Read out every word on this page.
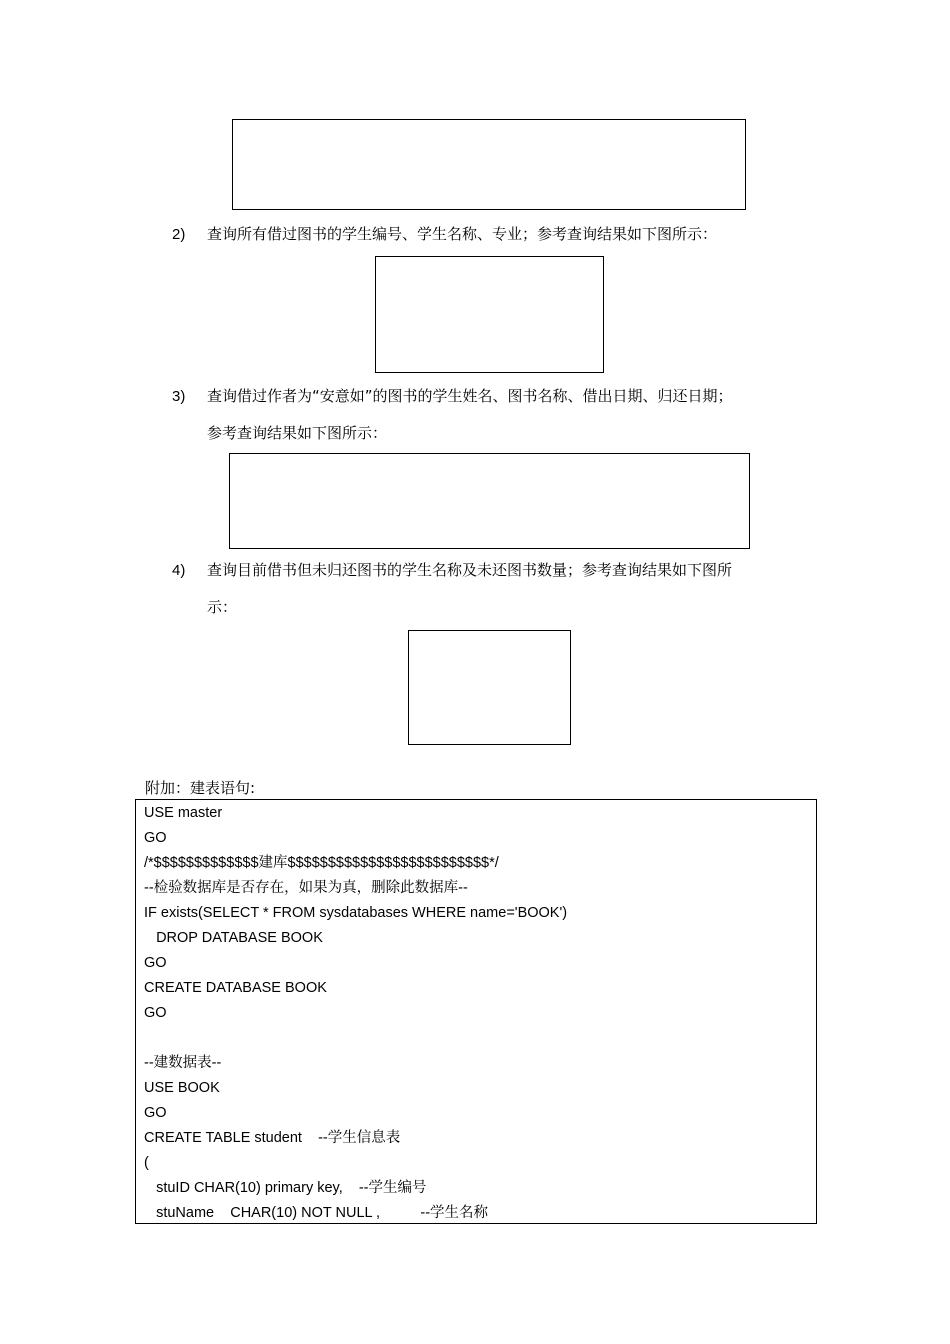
2) 查询所有借过图书的学生编号、学生名称、专业；参考查询结果如下图所示：
3) 查询借过作者为“安意如”的图书的学生姓名、图书名称、借出日期、归还日期；
参考查询结果如下图所示：
4) 查询目前借书但未归还图书的学生名称及未还图书数量；参考查询结果如下图所
示：
附加：建表语句:
USE master
GO
/*$$$$$$$$$$$$$建库$$$$$$$$$$$$$$$$$$$$$$$$$*/
--检验数据库是否存在，如果为真，删除此数据库--
IF exists(SELECT * FROM sysdatabases WHERE name='BOOK')
DROP DATABASE BOOK
GO
CREATE DATABASE BOOK
GO
--建数据表--
USE BOOK
GO
CREATE TABLE student    --学生信息表
(
stuID CHAR(10) primary key,    --学生编号
stuName    CHAR(10) NOT NULL ,          --学生名称
